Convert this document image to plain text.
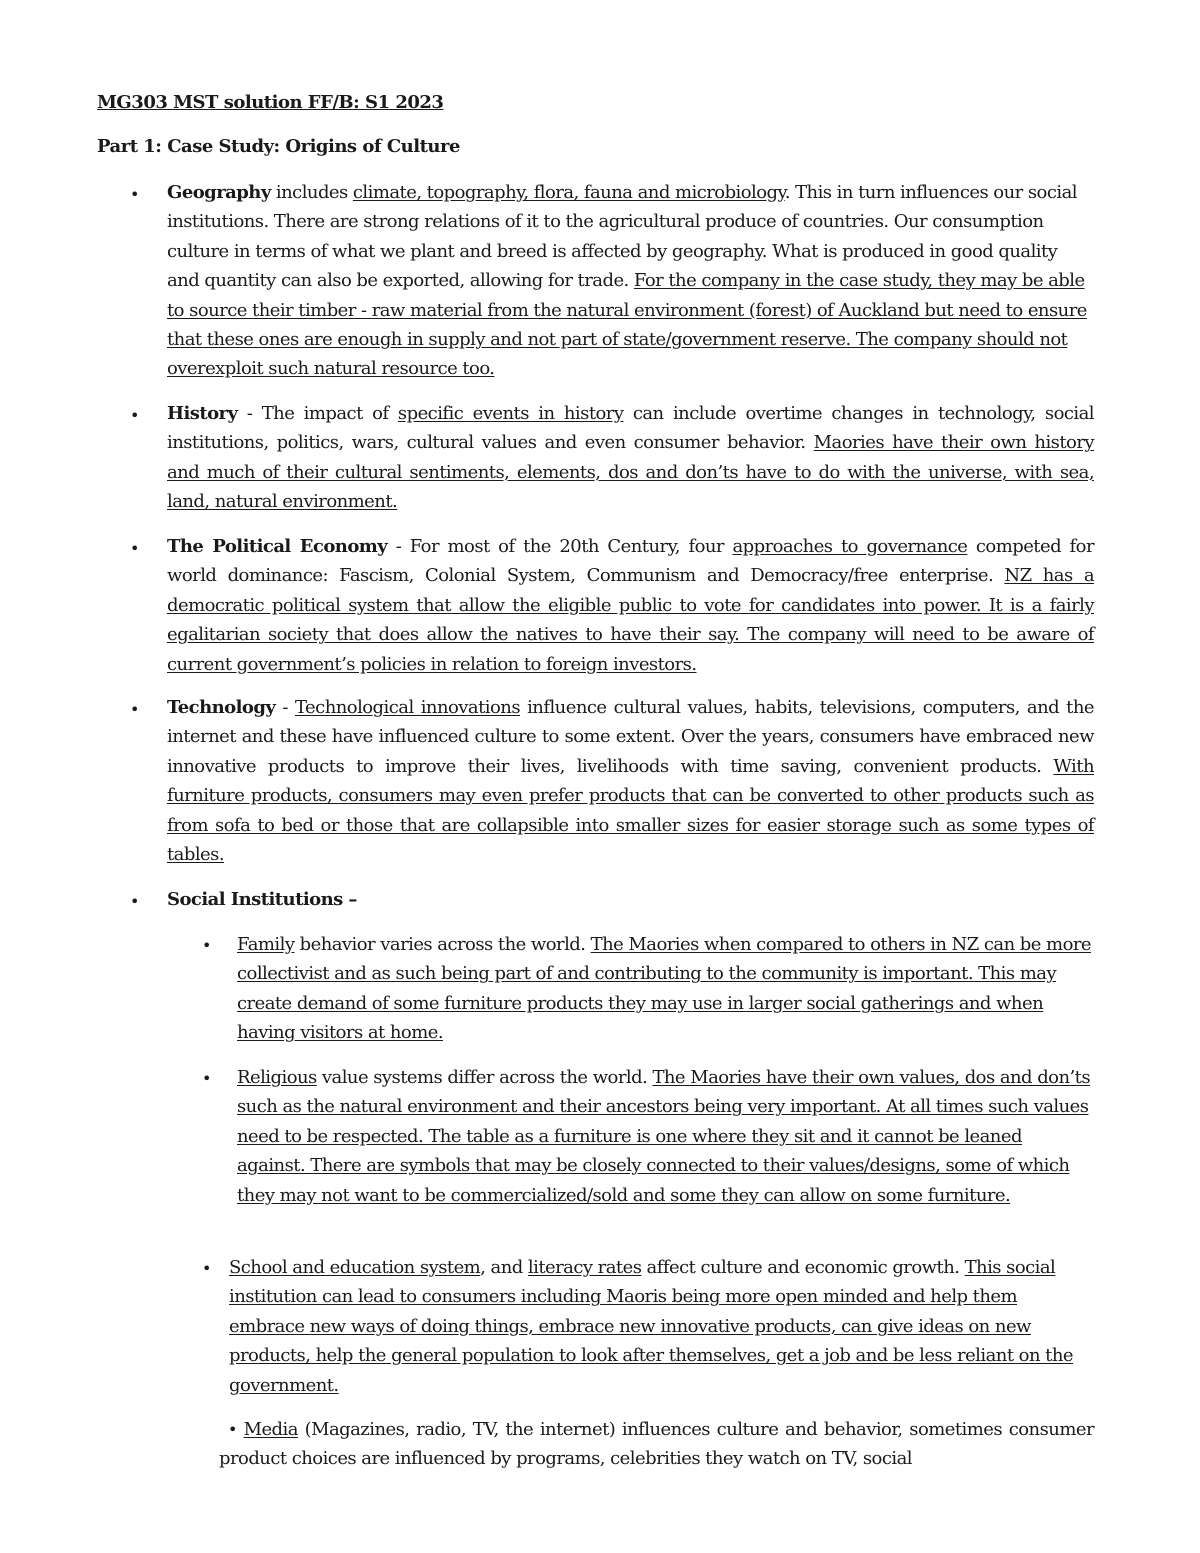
MG303 MST solution FF/B: S1 2023
Part 1: Case Study: Origins of Culture
• Geography includes climate, topography, flora, fauna and microbiology. This in turn influences our social institutions. There are strong relations of it to the agricultural produce of countries. Our consumption culture in terms of what we plant and breed is affected by geography. What is produced in good quality and quantity can also be exported, allowing for trade. For the company in the case study, they may be able to source their timber - raw material from the natural environment (forest) of Auckland but need to ensure that these ones are enough in supply and not part of state/government reserve. The company should not overexploit such natural resource too.
• History - The impact of specific events in history can include overtime changes in technology, social institutions, politics, wars, cultural values and even consumer behavior. Maories have their own history and much of their cultural sentiments, elements, dos and don’ts have to do with the universe, with sea, land, natural environment.
• The Political Economy - For most of the 20th Century, four approaches to governance competed for world dominance: Fascism, Colonial System, Communism and Democracy/free enterprise. NZ has a democratic political system that allow the eligible public to vote for candidates into power. It is a fairly egalitarian society that does allow the natives to have their say. The company will need to be aware of current government’s policies in relation to foreign investors.
• Technology - Technological innovations influence cultural values, habits, televisions, computers, and the internet and these have influenced culture to some extent. Over the years, consumers have embraced new innovative products to improve their lives, livelihoods with time saving, convenient products. With furniture products, consumers may even prefer products that can be converted to other products such as from sofa to bed or those that are collapsible into smaller sizes for easier storage such as some types of tables.
• Social Institutions –
• Family behavior varies across the world. The Maories when compared to others in NZ can be more collectivist and as such being part of and contributing to the community is important. This may create demand of some furniture products they may use in larger social gatherings and when having visitors at home.
• Religious value systems differ across the world. The Maories have their own values, dos and don’ts such as the natural environment and their ancestors being very important. At all times such values need to be respected. The table as a furniture is one where they sit and it cannot be leaned against. There are symbols that may be closely connected to their values/designs, some of which they may not want to be commercialized/sold and some they can allow on some furniture.
• School and education system, and literacy rates affect culture and economic growth. This social institution can lead to consumers including Maoris being more open minded and help them embrace new ways of doing things, embrace new innovative products, can give ideas on new products, help the general population to look after themselves, get a job and be less reliant on the government.
• Media (Magazines, radio, TV, the internet) influences culture and behavior, sometimes consumer product choices are influenced by programs, celebrities they watch on TV, social
